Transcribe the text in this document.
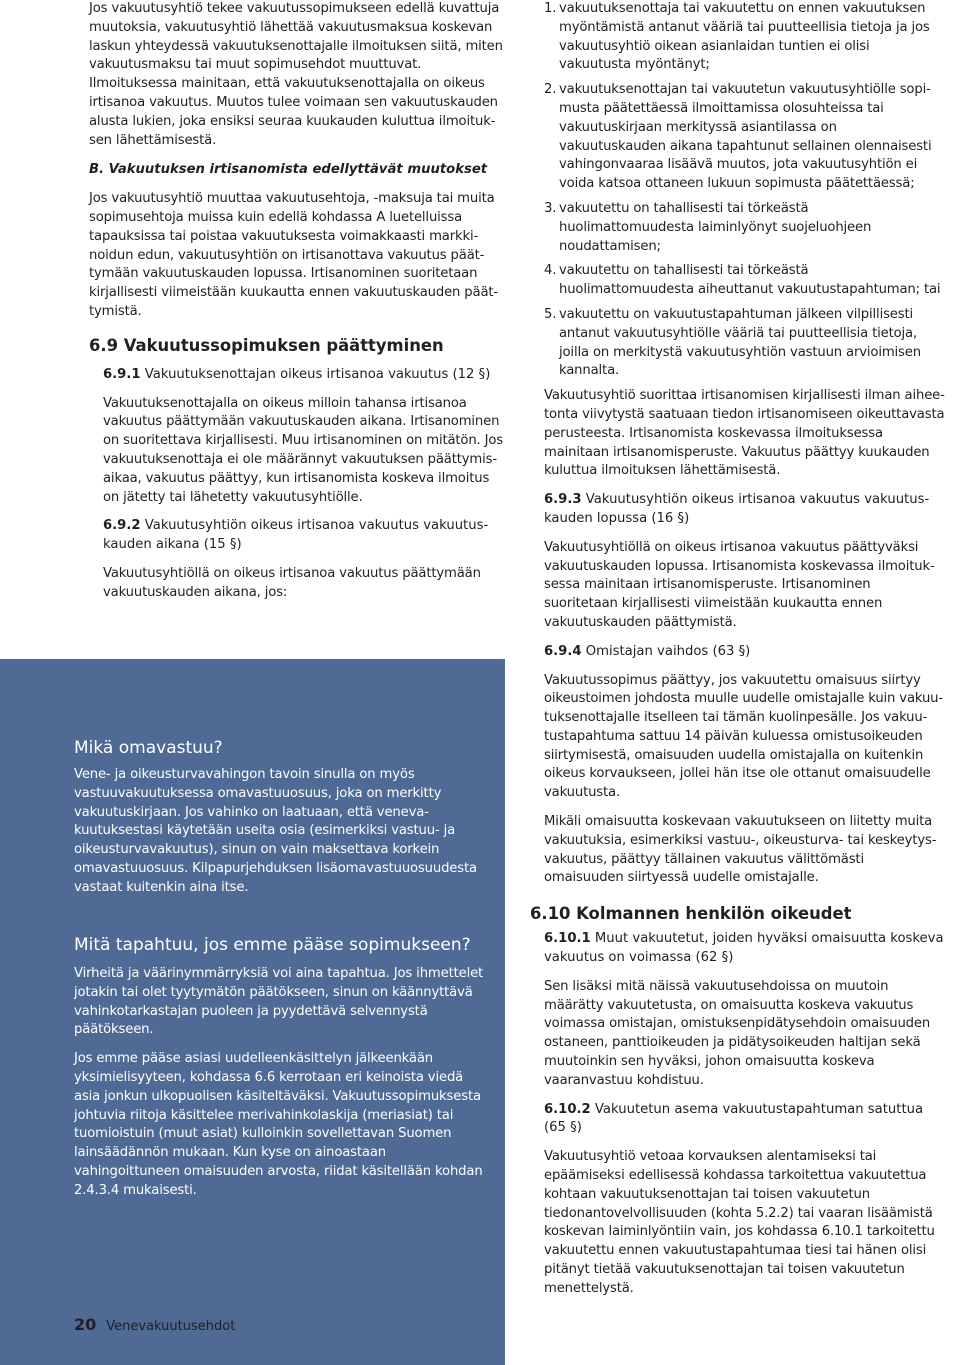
Jos vakuutusyhtiö tekee vakuutussopimukseen edellä kuvattuja muutoksia, vakuutusyhtiö lähettää vakuutusmaksua koskevan laskun yhteydessä vakuutuksenottajalle ilmoituksen siitä, miten vakuutusmaksu tai muut sopimusehdot muuttuvat. Ilmoituksessa mainitaan, että vakuutuksenottajalla on oikeus irtisanoa vakuutus. Muutos tulee voimaan sen vakuutuskauden alusta lukien, joka ensiksi seuraa kuukauden kuluttua ilmoituksen lähettämisestä.

B. Vakuutuksen irtisanomista edellyttävät muutokset

Jos vakuutusyhtiö muuttaa vakuutusehtoja, -maksuja tai muita sopimusehtoja muissa kuin edellä kohdassa A luetelluissa tapauksissa tai poistaa vakuutuksesta voimakkaasti markkinoidun edun, vakuutusyhtiön on irtisanottava vakuutus päättymään vakuutuskauden lopussa. Irtisanominen suoritetaan kirjallisesti viimeistään kuukautta ennen vakuutuskauden päättymistä.

6.9 Vakuutussopimuksen päättyminen
6.9.1 Vakuutuksenottajan oikeus irtisanoa vakuutus (12 §)

Vakuutuksenottajalla on oikeus milloin tahansa irtisanoa vakuutus päättymään vakuutuskauden aikana. Irtisanominen on suoritettava kirjallisesti. Muu irtisanominen on mitätön. Jos vakuutuksenottaja ei ole määrännyt vakuutuksen päättymisaikaa, vakuutus päättyy, kun irtisanomista koskeva ilmoitus on jätetty tai lähetetty vakuutusyhtiölle.

6.9.2 Vakuutusyhtiön oikeus irtisanoa vakuutus vakuutuskauden aikana (15 §)

Vakuutusyhtiöllä on oikeus irtisanoa vakuutus päättymään vakuutuskauden aikana, jos:

Mikä omavastuu?

Vene- ja oikeusturvavahingon tavoin sinulla on myös vastuuvakuutuksessa omavastuuosuus, joka on merkitty vakuutuskirjaan. Jos vahinko on laatuaan, että venevakuutuksestasi käytetään useita osia (esimerkiksi vastuu- ja oikeusturvavakuutus), sinun on vain maksettava korkein omavastuuosuus. Kilpapurjehduksen lisäomavastuuosuudesta vastaat kuitenkin aina itse.

Mitä tapahtuu, jos emme pääse sopimukseen?

Virheitä ja väärinymmärryksiä voi aina tapahtua. Jos ihmettelet jotakin tai olet tyytymätön päätökseen, sinun on käännyttävä vahinkotarkastajan puoleen ja pyydettävä selvennystä päätökseen.

Jos emme pääse asiasi uudelleenkäsittelyn jälkeenkään yksimielisyyteen, kohdassa 6.6 kerrotaan eri keinoista viedä asia jonkun ulkopuolisen käsiteltäväksi. Vakuutussopimuksesta johtuvia riitoja käsittelee merivahinkolaskija (meriasiat) tai tuomioistuin (muut asiat) kulloinkin sovellettavan Suomen lainsäädännön mukaan. Kun kyse on ainoastaan vahingoittuneen omaisuuden arvosta, riidat käsitellään kohdan 2.4.3.4 mukaisesti.

1. vakuutuksenottaja tai vakuutettu on ennen vakuutuksen myöntämistä antanut vääriä tai puutteellisia tietoja ja jos vakuutusyhtiö oikean asianlaidan tuntien ei olisi vakuutusta myöntänyt;
2. vakuutuksenottajan tai vakuutetun vakuutusyhtiölle sopimusta päätettäessä ilmoittamissa olosuhteissa tai vakuutuskirjaan merkityssä asiantilassa on vakuutuskauden aikana tapahtunut sellainen olennaisesti vahingonvaaraa lisäävä muutos, jota vakuutusyhtiön ei voida katsoa ottaneen lukuun sopimusta päätettäessä;
3. vakuutettu on tahallisesti tai törkeästä huolimattomuudesta laiminlyönyt suojeluohjeen noudattamisen;
4. vakuutettu on tahallisesti tai törkeästä huolimattomuudesta aiheuttanut vakuutustapahtuman; tai
5. vakuutettu on vakuutustapahtuman jälkeen vilpillisesti antanut vakuutusyhtiölle vääriä tai puutteellisia tietoja, joilla on merkitystä vakuutusyhtiön vastuun arvioimisen kannalta.

Vakuutusyhtiö suorittaa irtisanomisen kirjallisesti ilman aiheetonta viivytystä saatuaan tiedon irtisanomiseen oikeuttavasta perusteesta. Irtisanomista koskevassa ilmoituksessa mainitaan irtisanomisperuste. Vakuutus päättyy kuukauden kuluttua ilmoituksen lähettämisestä.

6.9.3 Vakuutusyhtiön oikeus irtisanoa vakuutus vakuutuskauden lopussa (16 §)

Vakuutusyhtiöllä on oikeus irtisanoa vakuutus päättyväksi vakuutuskauden lopussa. Irtisanomista koskevassa ilmoituksessa mainitaan irtisanomisperuste. Irtisanominen suoritetaan kirjallisesti viimeistään kuukautta ennen vakuutuskauden päättymistä.

6.9.4 Omistajan vaihdos (63 §)

Vakuutussopimus päättyy, jos vakuutettu omaisuus siirtyy oikeustoimen johdosta muulle uudelle omistajalle kuin vakuutuksenottajalle itselleen tai tämän kuolinpesälle. Jos vakuutustapahtuma sattuu 14 päivän kuluessa omistusoikeuden siirtymisestä, omaisuuden uudella omistajalla on kuitenkin oikeus korvaukseen, jollei hän itse ole ottanut omaisuudelle vakuutusta.

Mikäli omaisuutta koskevaan vakuutukseen on liitetty muita vakuutuksia, esimerkiksi vastuu-, oikeusturva- tai keskeytysvakuutus, päättyy tällainen vakuutus välittömästi omaisuuden siirtyessä uudelle omistajalle.

6.10 Kolmannen henkilön oikeudet
6.10.1 Muut vakuutetut, joiden hyväksi omaisuutta koskeva vakuutus on voimassa (62 §)

Sen lisäksi mitä näissä vakuutusehdoissa on muutoin määrätty vakuutetusta, on omaisuutta koskeva vakuutus voimassa omistajan, omistuksenpidätysehdoin omaisuuden ostaneen, panttioikeuden ja pidätysoikeuden haltijan sekä muutoinkin sen hyväksi, johon omaisuutta koskeva vaaranvastuu kohdistuu.

6.10.2 Vakuutetun asema vakuutustapahtuman satuttua (65 §)

Vakuutusyhtiö vetoaa korvauksen alentamiseksi tai epäämiseksi edellisessä kohdassa tarkoitettua vakuutettua kohtaan vakuutuksenottajan tai toisen vakuutetun tiedonantovelvollisuuden (kohta 5.2.2) tai vaaran lisäämistä koskevan laiminlyöntiin vain, jos kohdassa 6.10.1 tarkoitettu vakuutettu ennen vakuutustapahtumaa tiesi tai hänen olisi pitänyt tietää vakuutuksenottajan tai toisen vakuutetun menettelystä.

20 Venevakuutusehdot
